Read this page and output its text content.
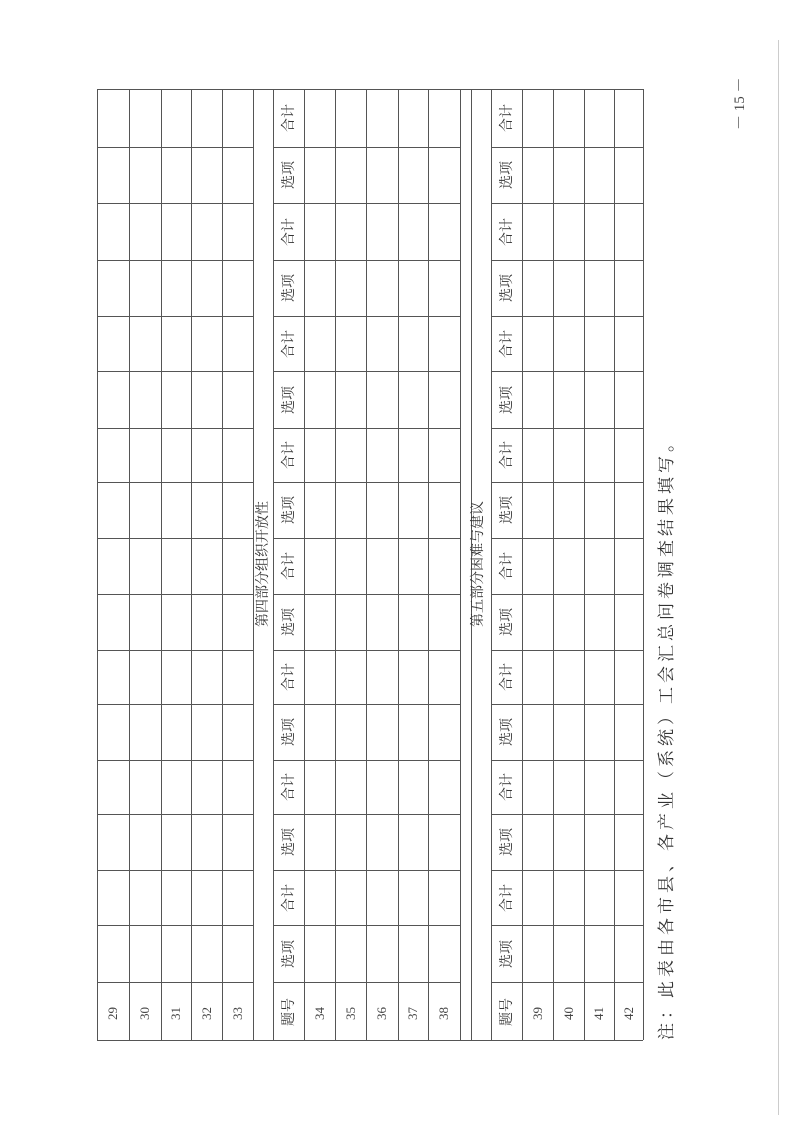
29 30 31 32 33
第四部分组织开放性
题号
合计
选项
合计
选项
合计
选项
合计
选项
合计
选项
合计
选项
合计
选项
合计
选项
34 35 36 37 38
第五部分困难与建议
题号
合计
选项
合计
选项
合计
选项
合计
选项
合计
选项
合计
选项
合计
选项
合计
选项
39 40 41 42 注：此表由各市县、各产业（系统）工会汇总问卷调查结果填写。
－ 15 －
